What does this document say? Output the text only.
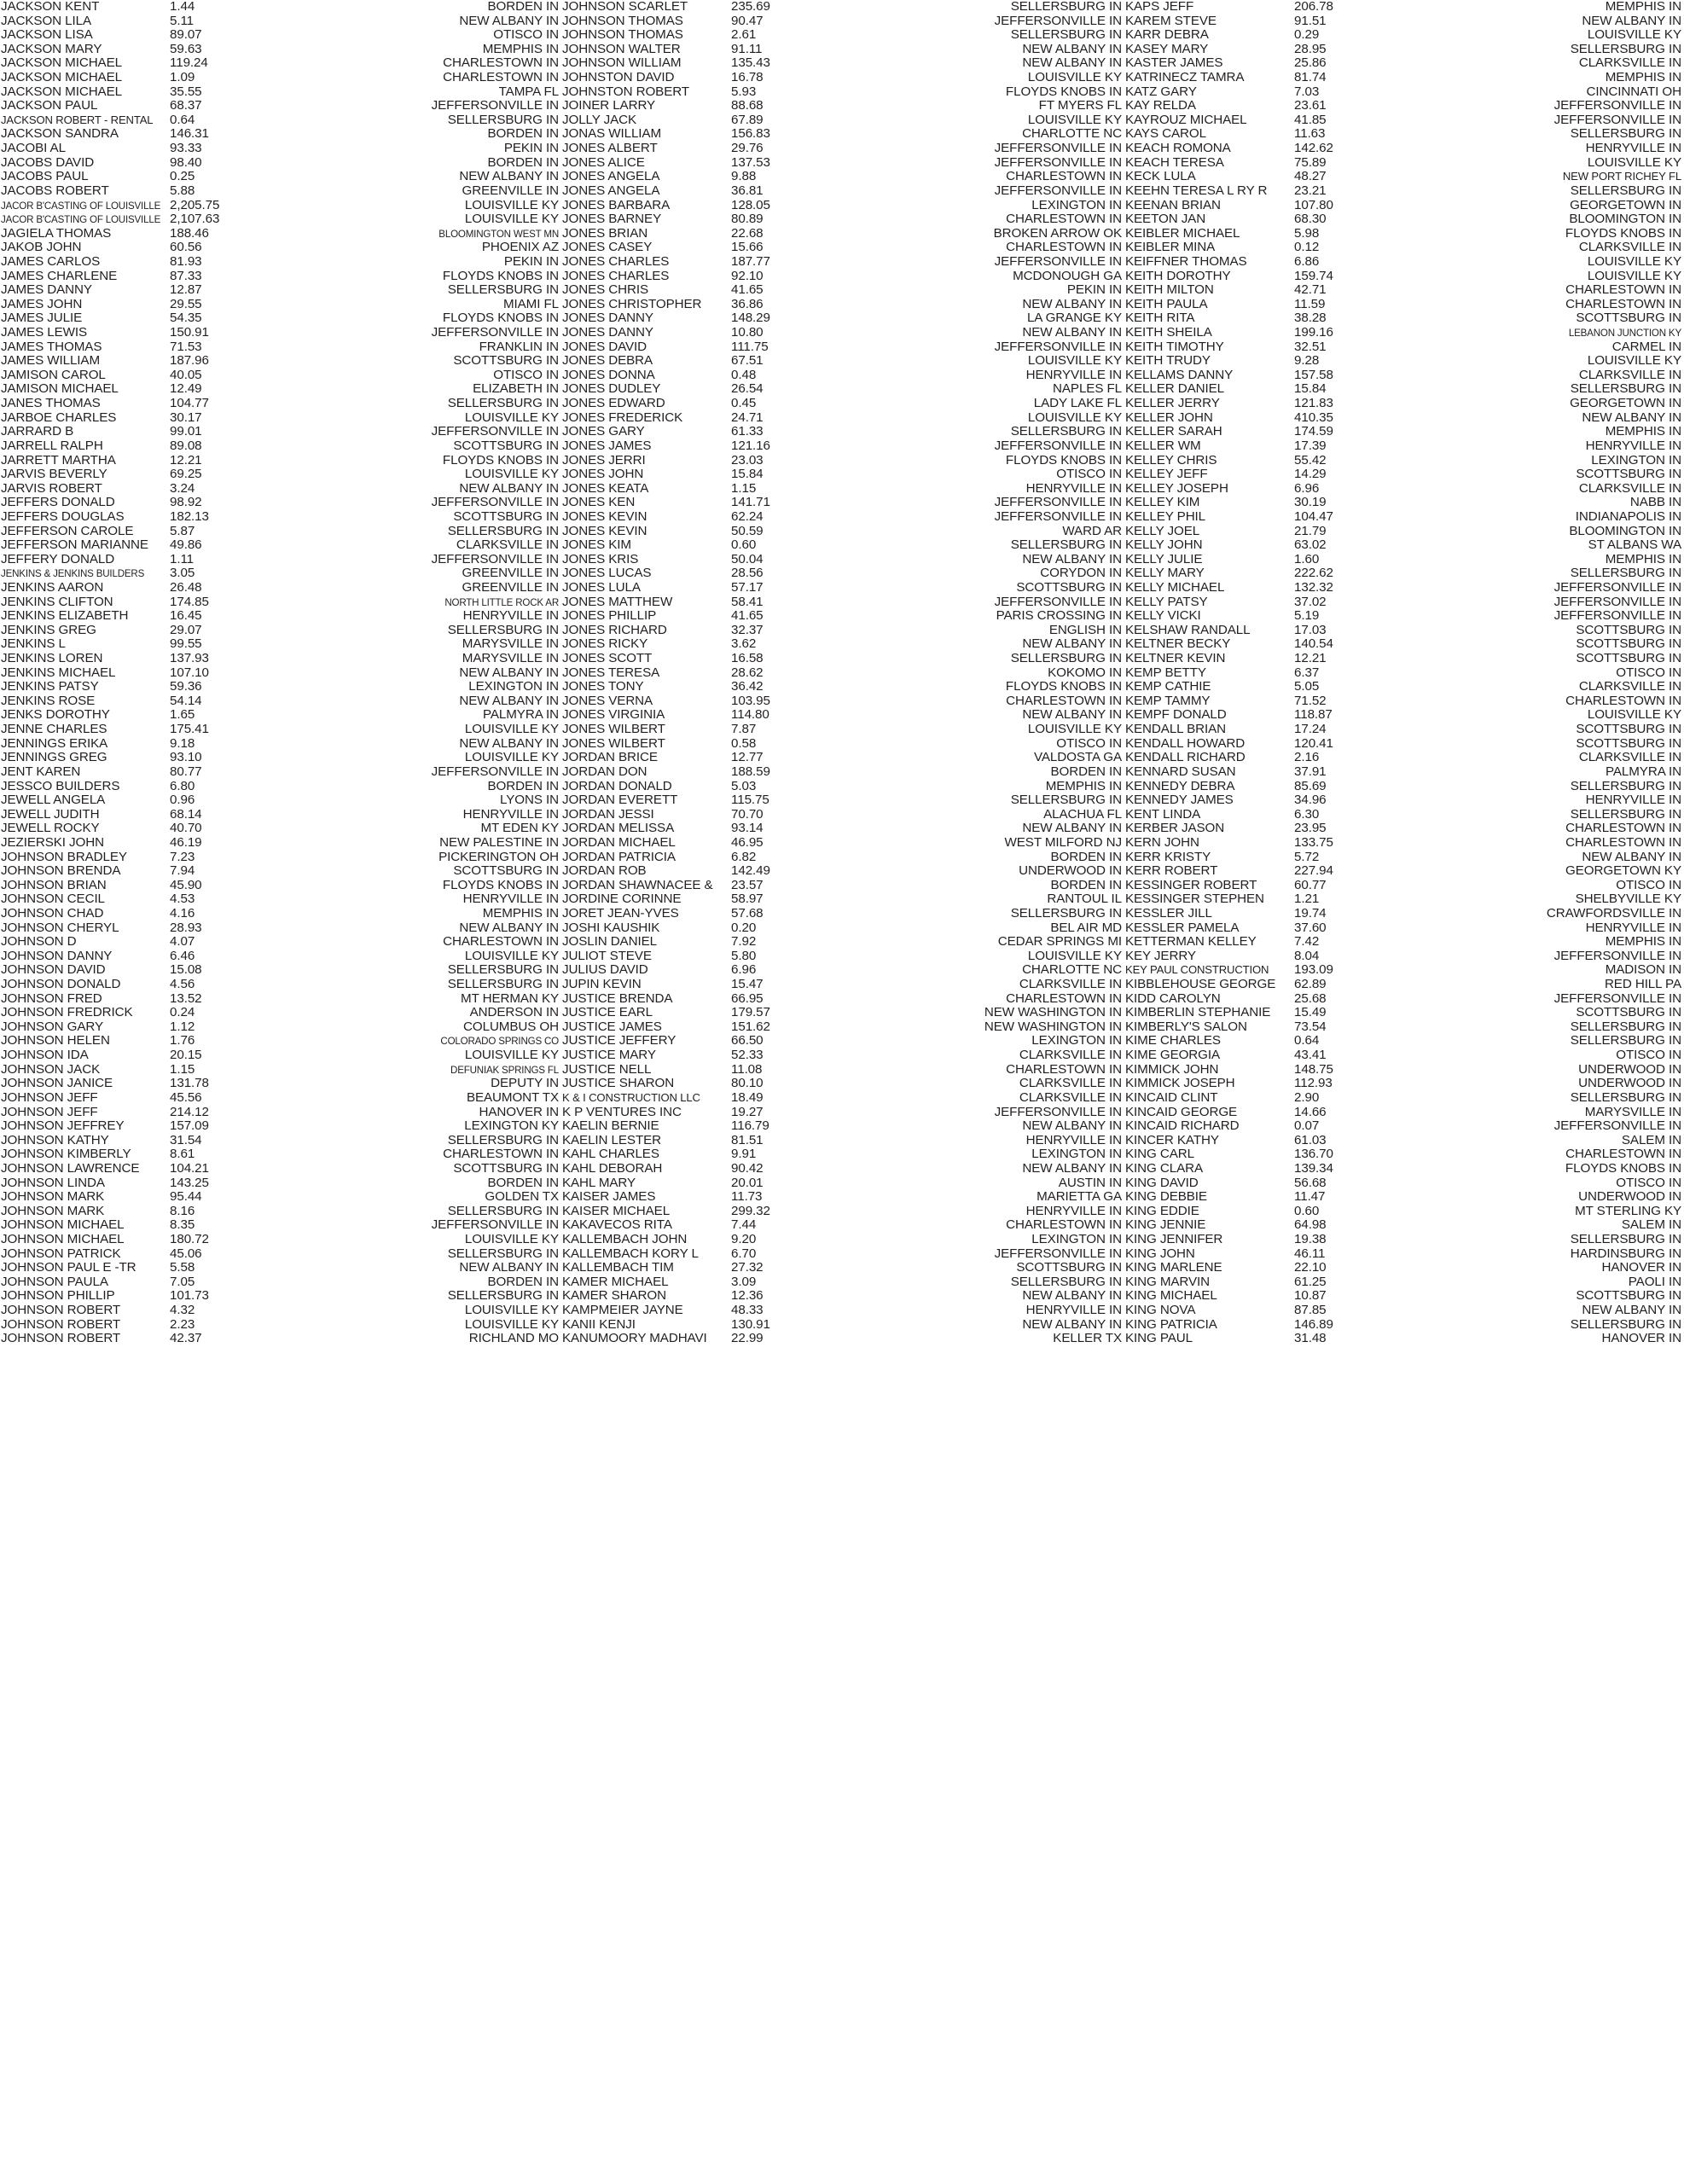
JACKSON KENT	1.44	BORDEN IN
JACKSON LILA	5.11	NEW ALBANY IN
JACKSON LISA	89.07	OTISCO IN
JACKSON MARY	59.63	MEMPHIS IN
JACKSON MICHAEL	119.24	CHARLESTOWN IN
JACKSON MICHAEL	1.09	CHARLESTOWN IN
JACKSON MICHAEL	35.55	TAMPA FL
JACKSON PAUL	68.37	JEFFERSONVILLE IN
JACKSON ROBERT - RENTAL	0.64	SELLERSBURG IN
JACKSON SANDRA	146.31	BORDEN IN
JACOBI AL	93.33	PEKIN IN
JACOBS DAVID	98.40	BORDEN IN
JACOBS PAUL	0.25	NEW ALBANY IN
JACOBS ROBERT	5.88	GREENVILLE IN
JACOR B'CASTING OF LOUISVILLE 2,205.75	LOUISVILLE KY
JACOR B'CASTING OF LOUISVILLE 2,107.63	LOUISVILLE KY
JAGIELA THOMAS	188.46	BLOOMINGTON WEST MN
JAKOB JOHN	60.56	PHOENIX AZ
JAMES CARLOS	81.93	PEKIN IN
JAMES CHARLENE	87.33	FLOYDS KNOBS IN
JAMES DANNY	12.87	SELLERSBURG IN
JAMES JOHN	29.55	MIAMI FL
JAMES JULIE	54.35	FLOYDS KNOBS IN
JAMES LEWIS	150.91	JEFFERSONVILLE IN
JAMES THOMAS	71.53	FRANKLIN IN
JAMES WILLIAM	187.96	SCOTTSBURG IN
JAMISON CAROL	40.05	OTISCO IN
JAMISON MICHAEL	12.49	ELIZABETH IN
JANES THOMAS	104.77	SELLERSBURG IN
JARBOE CHARLES	30.17	LOUISVILLE KY
JARRARD B	99.01	JEFFERSONVILLE IN
JARRELL RALPH	89.08	SCOTTSBURG IN
JARRETT MARTHA	12.21	FLOYDS KNOBS IN
JARVIS BEVERLY	69.25	LOUISVILLE KY
JARVIS ROBERT	3.24	NEW ALBANY IN
JEFFERS DONALD	98.92	JEFFERSONVILLE IN
JEFFERS DOUGLAS	182.13	SCOTTSBURG IN
JEFFERSON CAROLE	5.87	SELLERSBURG IN
JEFFERSON MARIANNE	49.86	CLARKSVILLE IN
JEFFERY DONALD	1.11	JEFFERSONVILLE IN
JENKINS & JENKINS BUILDERS	3.05	GREENVILLE IN
JENKINS AARON	26.48	GREENVILLE IN
JENKINS CLIFTON	174.85	NORTH LITTLE ROCK AR
JENKINS ELIZABETH	16.45	HENRYVILLE IN
JENKINS GREG	29.07	SELLERSBURG IN
JENKINS L	99.55	MARYSVILLE IN
JENKINS LOREN	137.93	MARYSVILLE IN
JENKINS MICHAEL	107.10	NEW ALBANY IN
JENKINS PATSY	59.36	LEXINGTON IN
JENKINS ROSE	54.14	NEW ALBANY IN
JENKS DOROTHY	1.65	PALMYRA IN
JENNE CHARLES	175.41	LOUISVILLE KY
JENNINGS ERIKA	9.18	NEW ALBANY IN
JENNINGS GREG	93.10	LOUISVILLE KY
JENT KAREN	80.77	JEFFERSONVILLE IN
JESSCO BUILDERS	6.80	BORDEN IN
JEWELL ANGELA	0.96	LYONS IN
JEWELL JUDITH	68.14	HENRYVILLE IN
JEWELL ROCKY	40.70	MT EDEN KY
JEZIERSKI JOHN	46.19	NEW PALESTINE IN
JOHNSON BRADLEY	7.23	PICKERINGTON OH
JOHNSON BRENDA	7.94	SCOTTSBURG IN
JOHNSON BRIAN	45.90	FLOYDS KNOBS IN
JOHNSON CECIL	4.53	HENRYVILLE IN
JOHNSON CHAD	4.16	MEMPHIS IN
JOHNSON CHERYL	28.93	NEW ALBANY IN
JOHNSON D	4.07	CHARLESTOWN IN
JOHNSON DANNY	6.46	LOUISVILLE KY
JOHNSON DAVID	15.08	SELLERSBURG IN
JOHNSON DONALD	4.56	SELLERSBURG IN
JOHNSON FRED	13.52	MT HERMAN KY
JOHNSON FREDRICK	0.24	ANDERSON IN
JOHNSON GARY	1.12	COLUMBUS OH
JOHNSON HELEN	1.76	COLORADO SPRINGS CO
JOHNSON IDA	20.15	LOUISVILLE KY
JOHNSON JACK	1.15	DEFUNIAK SPRINGS FL
JOHNSON JANICE	131.78	DEPUTY IN
JOHNSON JEFF	45.56	BEAUMONT TX
JOHNSON JEFF	214.12	HANOVER IN
JOHNSON JEFFREY	157.09	LEXINGTON KY
JOHNSON KATHY	31.54	SELLERSBURG IN
JOHNSON KIMBERLY	8.61	CHARLESTOWN IN
JOHNSON LAWRENCE	104.21	SCOTTSBURG IN
JOHNSON LINDA	143.25	BORDEN IN
JOHNSON MARK	95.44	GOLDEN TX
JOHNSON MARK	8.16	SELLERSBURG IN
JOHNSON MICHAEL	8.35	JEFFERSONVILLE IN
JOHNSON MICHAEL	180.72	LOUISVILLE KY
JOHNSON PATRICK	45.06	SELLERSBURG IN
JOHNSON PAUL E -TR	5.58	NEW ALBANY IN
JOHNSON PAULA	7.05	BORDEN IN
JOHNSON PHILLIP	101.73	SELLERSBURG IN
JOHNSON ROBERT	4.32	LOUISVILLE KY
JOHNSON ROBERT	2.23	LOUISVILLE KY
JOHNSON ROBERT	42.37	RICHLAND MO
JOHNSON SCARLET	235.69	SELLERSBURG IN
JOHNSON THOMAS	90.47	JEFFERSONVILLE IN
JOHNSON THOMAS	2.61	SELLERSBURG IN
JOHNSON WALTER	91.11	NEW ALBANY IN
JOHNSON WILLIAM	135.43	NEW ALBANY IN
JOHNSTON DAVID	16.78	LOUISVILLE KY
JOHNSTON ROBERT	5.93	FLOYDS KNOBS IN
JOINER LARRY	88.68	FT MYERS FL
JOLLY JACK	67.89	LOUISVILLE KY
JONAS WILLIAM	156.83	CHARLOTTE NC
JONES ALBERT	29.76	JEFFERSONVILLE IN
JONES ALICE	137.53	JEFFERSONVILLE IN
JONES ANGELA	9.88	CHARLESTOWN IN
JONES ANGELA	36.81	JEFFERSONVILLE IN
JONES BARBARA	128.05	LEXINGTON IN
JONES BARNEY	80.89	CHARLESTOWN IN
JONES BRIAN	22.68	BROKEN ARROW OK
JONES CASEY	15.66	CHARLESTOWN IN
JONES CHARLES	187.77	JEFFERSONVILLE IN
JONES CHARLES	92.10	MCDONOUGH GA
JONES CHRIS	41.65	PEKIN IN
JONES CHRISTOPHER	36.86	NEW ALBANY IN
JONES DANNY	148.29	LA GRANGE KY
JONES DANNY	10.80	NEW ALBANY IN
JONES DAVID	111.75	JEFFERSONVILLE IN
JONES DEBRA	67.51	LOUISVILLE KY
JONES DONNA	0.48	HENRYVILLE IN
JONES DUDLEY	26.54	NAPLES FL
JONES EDWARD	0.45	LADY LAKE FL
JONES FREDERICK	24.71	LOUISVILLE KY
JONES GARY	61.33	SELLERSBURG IN
JONES JAMES	121.16	JEFFERSONVILLE IN
JONES JERRI	23.03	FLOYDS KNOBS IN
JONES JOHN	15.84	OTISCO IN
JONES KEATA	1.15	HENRYVILLE IN
JONES KEN	141.71	JEFFERSONVILLE IN
JONES KEVIN	62.24	JEFFERSONVILLE IN
JONES KEVIN	50.59	WARD AR
JONES KIM	0.60	SELLERSBURG IN
JONES KRIS	50.04	NEW ALBANY IN
JONES LUCAS	28.56	CORYDON IN
JONES LULA	57.17	SCOTTSBURG IN
JONES MATTHEW	58.41	JEFFERSONVILLE IN
JONES PHILLIP	41.65	PARIS CROSSING IN
JONES RICHARD	32.37	ENGLISH IN
JONES RICKY	3.62	NEW ALBANY IN
JONES SCOTT	16.58	SELLERSBURG IN
JONES TERESA	28.62	KOKOMO IN
JONES TONY	36.42	FLOYDS KNOBS IN
JONES VERNA	103.95	CHARLESTOWN IN
JONES VIRGINIA	114.80	NEW ALBANY IN
JONES WILBERT	7.87	LOUISVILLE KY
JONES WILBERT	0.58	OTISCO IN
JORDAN BRICE	12.77	VALDOSTA GA
JORDAN DON	188.59	BORDEN IN
JORDAN DONALD	5.03	MEMPHIS IN
JORDAN EVERETT	115.75	SELLERSBURG IN
JORDAN JESSI	70.70	ALACHUA FL
JORDAN MELISSA	93.14	NEW ALBANY IN
JORDAN MICHAEL	46.95	WEST MILFORD NJ
JORDAN PATRICIA	6.82	BORDEN IN
JORDAN ROB	142.49	UNDERWOOD IN
JORDAN SHAWNACEE &	23.57	BORDEN IN
JORDINE CORINNE	58.97	RANTOUL IL
JORET JEAN-YVES	57.68	SELLERSBURG IN
JOSHI KAUSHIK	0.20	BEL AIR MD
JOSLIN DANIEL	7.92	CEDAR SPRINGS MI
JULIOT STEVE	5.80	LOUISVILLE KY
JULIUS DAVID	6.96	CHARLOTTE NC
JUPIN KEVIN	15.47	CLARKSVILLE IN
JUSTICE BRENDA	66.95	CHARLESTOWN IN
JUSTICE EARL	179.57	NEW WASHINGTON IN
JUSTICE JAMES	151.62	NEW WASHINGTON IN
JUSTICE JEFFERY	66.50	LEXINGTON IN
JUSTICE MARY	52.33	CLARKSVILLE IN
JUSTICE NELL	11.08	CHARLESTOWN IN
JUSTICE SHARON	80.10	CLARKSVILLE IN
K & I CONSTRUCTION LLC	18.49	CLARKSVILLE IN
K P VENTURES INC	19.27	JEFFERSONVILLE IN
KAELIN BERNIE	116.79	NEW ALBANY IN
KAELIN LESTER	81.51	HENRYVILLE IN
KAHL CHARLES	9.91	LEXINGTON IN
KAHL DEBORAH	90.42	NEW ALBANY IN
KAHL MARY	20.01	AUSTIN IN
KAISER JAMES	11.73	MARIETTA GA
KAISER MICHAEL	299.32	HENRYVILLE IN
KAKAVECOS RITA	7.44	CHARLESTOWN IN
KALLEMBACH JOHN	9.20	LEXINGTON IN
KALLEMBACH KORY L	6.70	JEFFERSONVILLE IN
KALLEMBACH TIM	27.32	SCOTTSBURG IN
KAMER MICHAEL	3.09	SELLERSBURG IN
KAMER SHARON	12.36	NEW ALBANY IN
KAMPMEIER JAYNE	48.33	HENRYVILLE IN
KANII KENJI	130.91	NEW ALBANY IN
KANUMOORY MADHAVI	22.99	KELLER TX
KAPS JEFF	206.78	MEMPHIS IN
KAREM STEVE	91.51	NEW ALBANY IN
KARR DEBRA	0.29	LOUISVILLE KY
KASEY MARY	28.95	SELLERSBURG IN
KASTER JAMES	25.86	CLARKSVILLE IN
KATRINECZ TAMRA	81.74	MEMPHIS IN
KATZ GARY	7.03	CINCINNATI OH
KAY RELDA	23.61	JEFFERSONVILLE IN
KAYROUZ MICHAEL	41.85	JEFFERSONVILLE IN
KAYS CAROL	11.63	SELLERSBURG IN
KEACH ROMONA	142.62	HENRYVILLE IN
KEACH TERESA	75.89	LOUISVILLE KY
KECK LULA	48.27	NEW PORT RICHEY FL
KEEHN TERESA L RY R	23.21	SELLERSBURG IN
KEENAN BRIAN	107.80	GEORGETOWN IN
KEETON JAN	68.30	BLOOMINGTON IN
KEIBLER MICHAEL	5.98	FLOYDS KNOBS IN
KEIBLER MINA	0.12	CLARKSVILLE IN
KEIFFNER THOMAS	6.86	LOUISVILLE KY
KEITH DOROTHY	159.74	LOUISVILLE KY
KEITH MILTON	42.71	CHARLESTOWN IN
KEITH PAULA	11.59	CHARLESTOWN IN
KEITH RITA	38.28	SCOTTSBURG IN
KEITH SHEILA	199.16	LEBANON JUNCTION KY
KEITH TIMOTHY	32.51	CARMEL IN
KEITH TRUDY	9.28	LOUISVILLE KY
KELLAMS DANNY	157.58	CLARKSVILLE IN
KELLER DANIEL	15.84	SELLERSBURG IN
KELLER JERRY	121.83	GEORGETOWN IN
KELLER JOHN	410.35	NEW ALBANY IN
KELLER SARAH	174.59	MEMPHIS IN
KELLER WM	17.39	HENRYVILLE IN
KELLEY CHRIS	55.42	LEXINGTON IN
KELLEY JEFF	14.29	SCOTTSBURG IN
KELLEY JOSEPH	6.96	CLARKSVILLE IN
KELLEY KIM	30.19	NABB IN
KELLEY PHIL	104.47	INDIANAPOLIS IN
KELLY JOEL	21.79	BLOOMINGTON IN
KELLY JOHN	63.02	ST ALBANS WA
KELLY JULIE	1.60	MEMPHIS IN
KELLY MARY	222.62	SELLERSBURG IN
KELLY MICHAEL	132.32	JEFFERSONVILLE IN
KELLY PATSY	37.02	JEFFERSONVILLE IN
KELLY VICKI	5.19	JEFFERSONVILLE IN
KELSHAW RANDALL	17.03	SCOTTSBURG IN
KELTNER BECKY	140.54	SCOTTSBURG IN
KELTNER KEVIN	12.21	SCOTTSBURG IN
KEMP BETTY	6.37	OTISCO IN
KEMP CATHIE	5.05	CLARKSVILLE IN
KEMP TAMMY	71.52	CHARLESTOWN IN
KEMPF DONALD	118.87	LOUISVILLE KY
KENDALL BRIAN	17.24	SCOTTSBURG IN
KENDALL HOWARD	120.41	SCOTTSBURG IN
KENDALL RICHARD	2.16	CLARKSVILLE IN
KENNARD SUSAN	37.91	PALMYRA IN
KENNEDY DEBRA	85.69	SELLERSBURG IN
KENNEDY JAMES	34.96	HENRYVILLE IN
KENT LINDA	6.30	SELLERSBURG IN
KERBER JASON	23.95	CHARLESTOWN IN
KERN JOHN	133.75	CHARLESTOWN IN
KERR KRISTY	5.72	NEW ALBANY IN
KERR ROBERT	227.94	GEORGETOWN KY
KESSINGER ROBERT	60.77	OTISCO IN
KESSINGER STEPHEN	1.21	SHELBYVILLE KY
KESSLER JILL	19.74	CRAWFORDSVILLE IN
KESSLER PAMELA	37.60	HENRYVILLE IN
KETTERMAN KELLEY	7.42	MEMPHIS IN
KEY JERRY	8.04	JEFFERSONVILLE IN
KEY PAUL CONSTRUCTION	193.09	MADISON IN
KIBBLEHOUSE GEORGE	62.89	RED HILL PA
KIDD CAROLYN	25.68	JEFFERSONVILLE IN
KIMBERLIN STEPHANIE	15.49	SCOTTSBURG IN
KIMBERLY'S SALON	73.54	SELLERSBURG IN
KIME CHARLES	0.64	SELLERSBURG IN
KIME GEORGIA	43.41	OTISCO IN
KIMMICK JOHN	148.75	UNDERWOOD IN
KIMMICK JOSEPH	112.93	UNDERWOOD IN
KINCAID CLINT	2.90	SELLERSBURG IN
KINCAID GEORGE	14.66	MARYSVILLE IN
KINCAID RICHARD	0.07	JEFFERSONVILLE IN
KINCER KATHY	61.03	SALEM IN
KING CARL	136.70	CHARLESTOWN IN
KING CLARA	139.34	FLOYDS KNOBS IN
KING DAVID	56.68	OTISCO IN
KING DEBBIE	11.47	UNDERWOOD IN
KING EDDIE	0.60	MT STERLING KY
KING JENNIE	64.98	SALEM IN
KING JENNIFER	19.38	SELLERSBURG IN
KING JOHN	46.11	HARDINSBURG IN
KING MARLENE	22.10	HANOVER IN
KING MARVIN	61.25	PAOLI IN
KING MICHAEL	10.87	SCOTTSBURG IN
KING NOVA	87.85	NEW ALBANY IN
KING PATRICIA	146.89	SELLERSBURG IN
KING PAUL	31.48	HANOVER IN
